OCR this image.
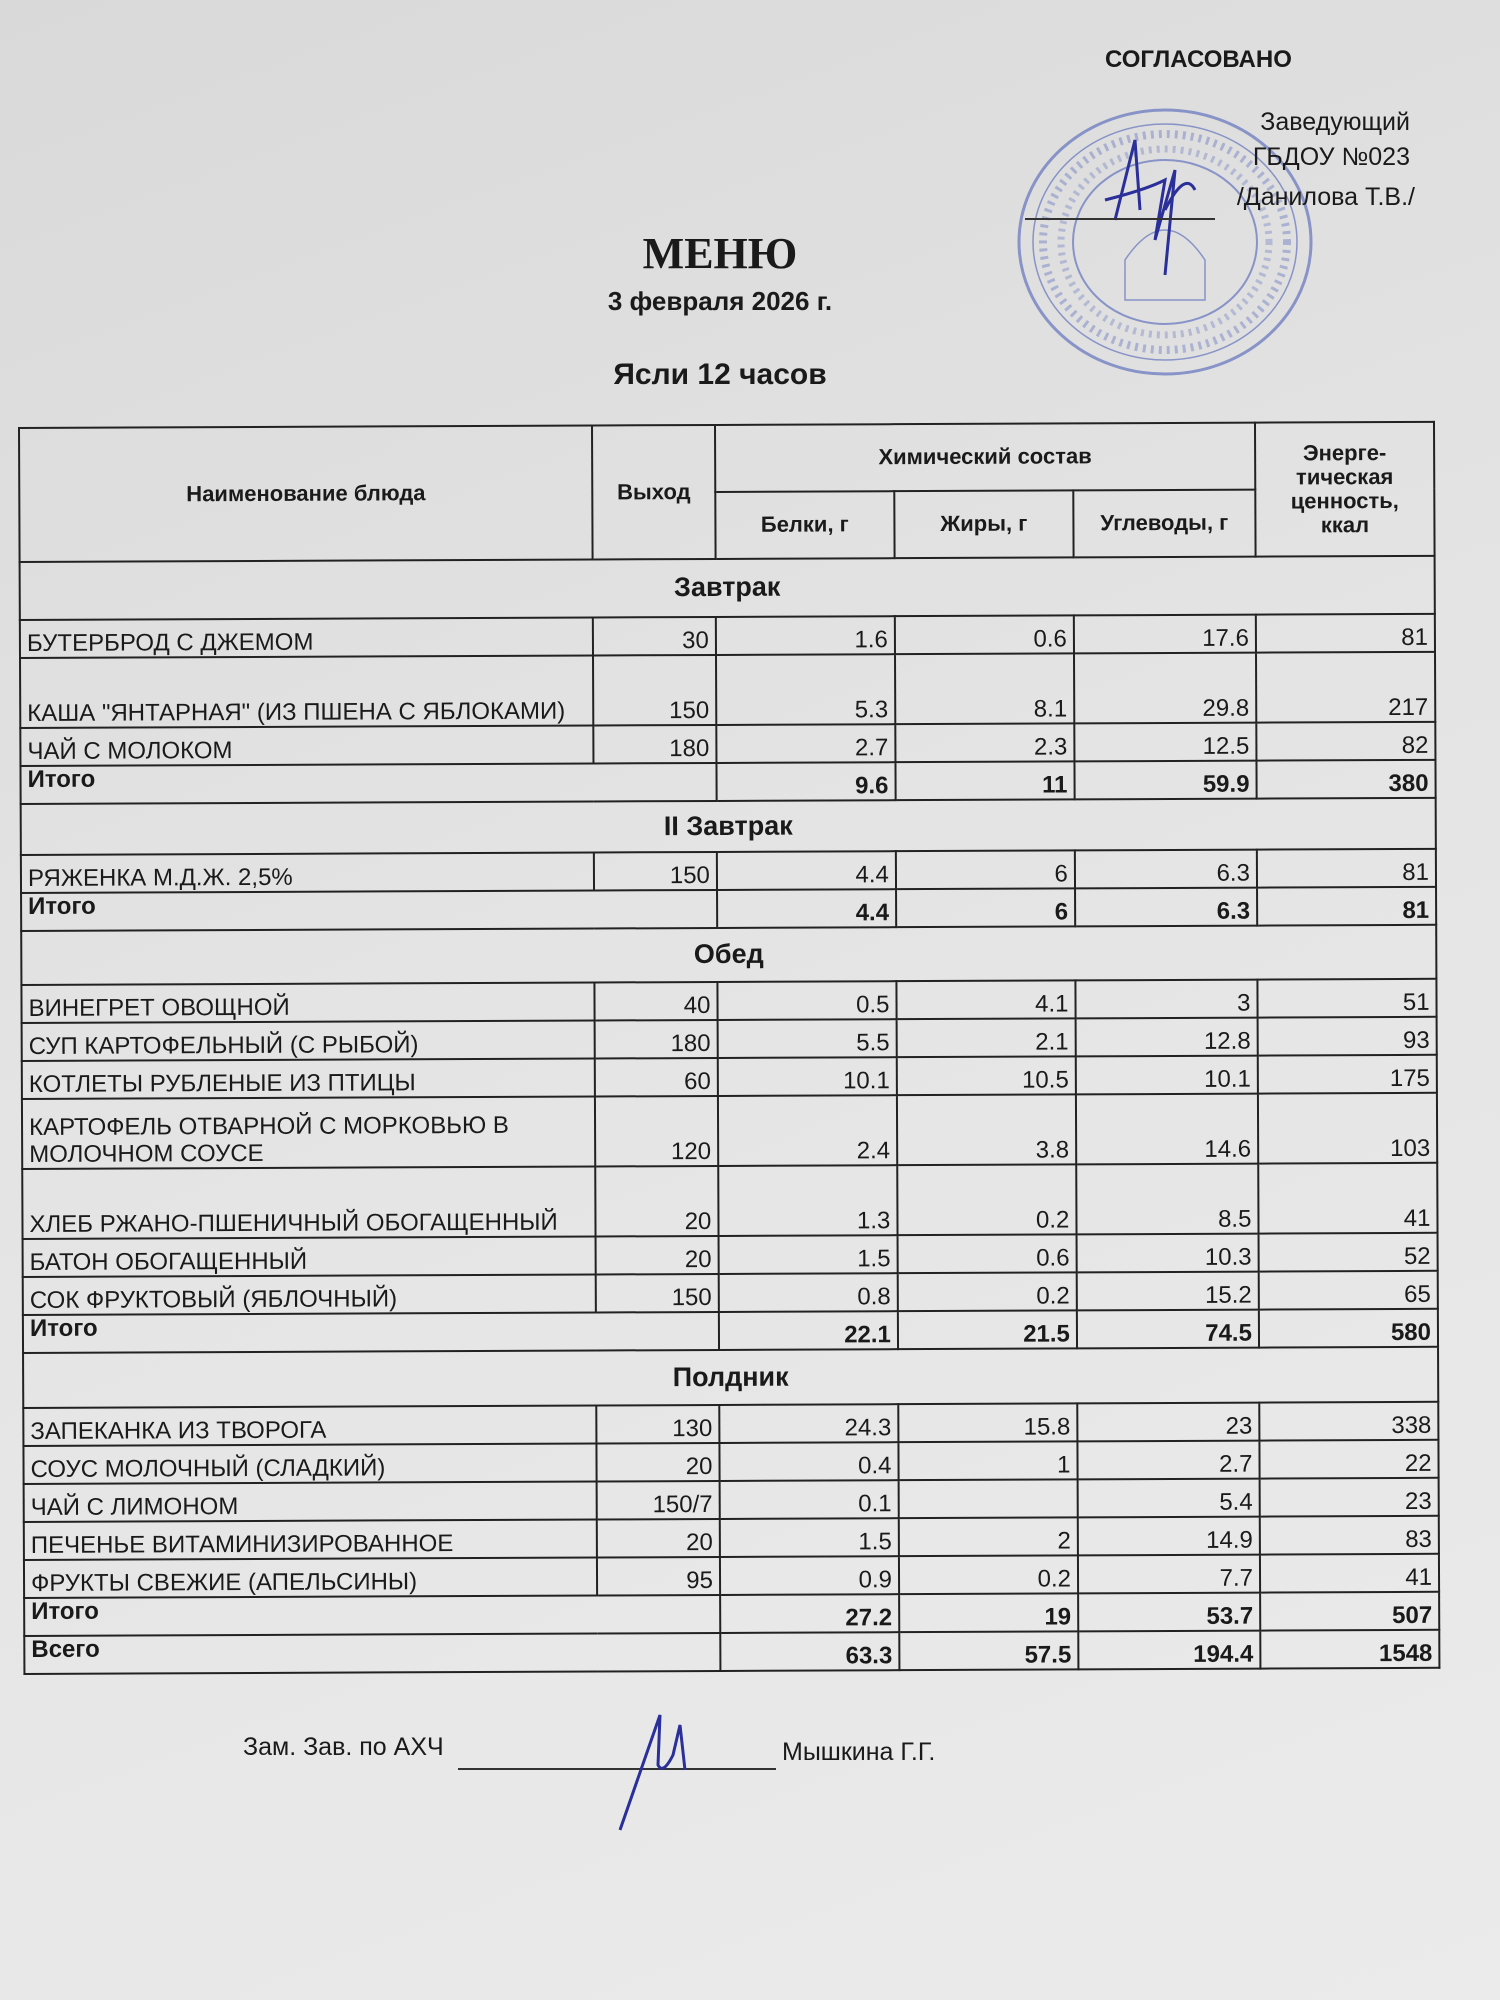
СОГЛАСОВАНО
Заведующий
ГБДОУ №023
/Данилова Т.В./
МЕНЮ
3 февраля 2026 г.
Ясли 12 часов
Наименование блюда	Выход	Химический состав			Энерге-тическая ценность, ккал
		Белки, г	Жиры, г	Углеводы, г	
Завтрак					
БУТЕРБРОД С ДЖЕМОМ	30	1.6	0.6	17.6	81
КАША "ЯНТАРНАЯ" (ИЗ ПШЕНА С ЯБЛОКАМИ)	150	5.3	8.1	29.8	217
ЧАЙ С МОЛОКОМ	180	2.7	2.3	12.5	82
Итого		9.6	11	59.9	380
II Завтрак					
РЯЖЕНКА М.Д.Ж. 2,5%	150	4.4	6	6.3	81
Итого		4.4	6	6.3	81
Обед					
ВИНЕГРЕТ ОВОЩНОЙ	40	0.5	4.1	3	51
СУП КАРТОФЕЛЬНЫЙ (С РЫБОЙ)	180	5.5	2.1	12.8	93
КОТЛЕТЫ РУБЛЕНЫЕ ИЗ ПТИЦЫ	60	10.1	10.5	10.1	175
КАРТОФЕЛЬ ОТВАРНОЙ С МОРКОВЬЮ В МОЛОЧНОМ СОУСЕ	120	2.4	3.8	14.6	103
ХЛЕБ РЖАНО-ПШЕНИЧНЫЙ ОБОГАЩЕННЫЙ	20	1.3	0.2	8.5	41
БАТОН ОБОГАЩЕННЫЙ	20	1.5	0.6	10.3	52
СОК ФРУКТОВЫЙ (ЯБЛОЧНЫЙ)	150	0.8	0.2	15.2	65
Итого		22.1	21.5	74.5	580
Полдник					
ЗАПЕКАНКА ИЗ ТВОРОГА	130	24.3	15.8	23	338
СОУС МОЛОЧНЫЙ (СЛАДКИЙ)	20	0.4	1	2.7	22
ЧАЙ С ЛИМОНОМ	150/7	0.1		5.4	23
ПЕЧЕНЬЕ ВИТАМИНИЗИРОВАННОЕ	20	1.5	2	14.9	83
ФРУКТЫ СВЕЖИЕ (АПЕЛЬСИНЫ)	95	0.9	0.2	7.7	41
Итого		27.2	19	53.7	507
Всего		63.3	57.5	194.4	1548
Зам. Зав. по АХЧ	Мышкина Г.Г.
